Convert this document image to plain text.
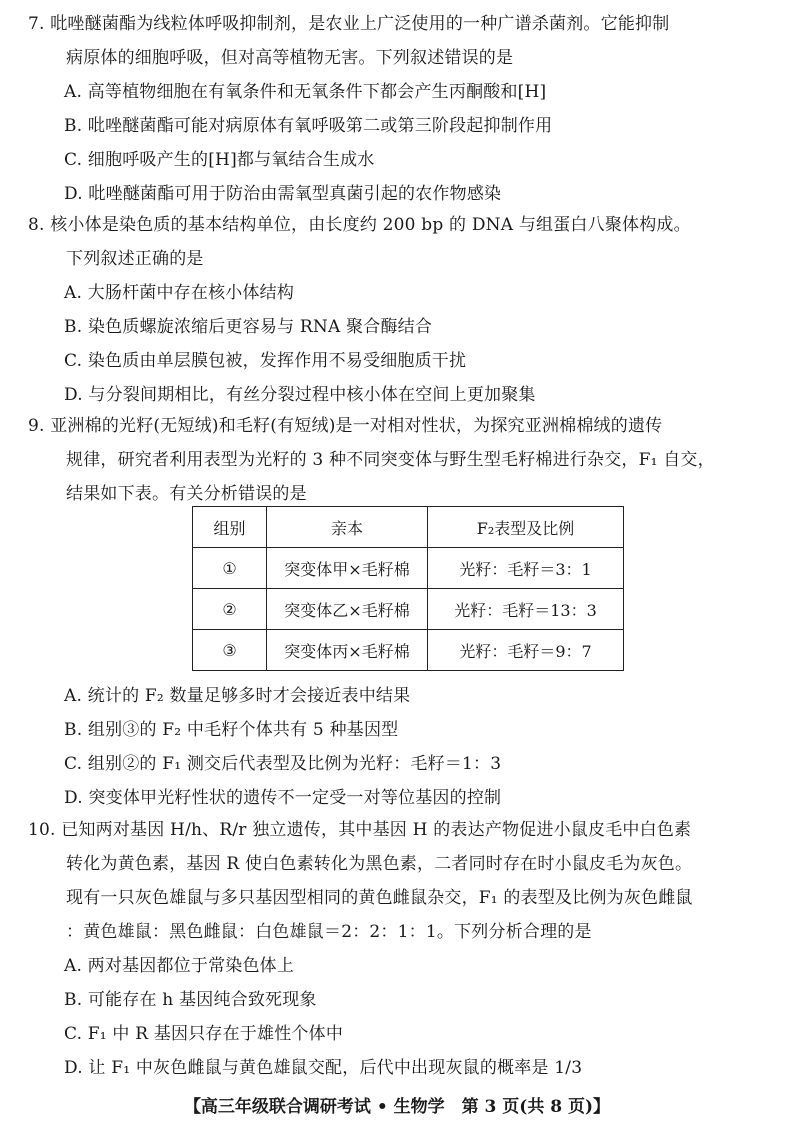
7. 吡唑醚菌酯为线粒体呼吸抑制剂，是农业上广泛使用的一种广谱杀菌剂。它能抑制
病原体的细胞呼吸，但对高等植物无害。下列叙述错误的是
A. 高等植物细胞在有氧条件和无氧条件下都会产生丙酮酸和[H]
B. 吡唑醚菌酯可能对病原体有氧呼吸第二或第三阶段起抑制作用
C. 细胞呼吸产生的[H]都与氧结合生成水
D. 吡唑醚菌酯可用于防治由需氧型真菌引起的农作物感染
8. 核小体是染色质的基本结构单位，由长度约 200 bp 的 DNA 与组蛋白八聚体构成。
下列叙述正确的是
A. 大肠杆菌中存在核小体结构
B. 染色质螺旋浓缩后更容易与 RNA 聚合酶结合
C. 染色质由单层膜包被，发挥作用不易受细胞质干扰
D. 与分裂间期相比，有丝分裂过程中核小体在空间上更加聚集
9. 亚洲棉的光籽(无短绒)和毛籽(有短绒)是一对相对性状，为探究亚洲棉棉绒的遗传
规律，研究者利用表型为光籽的 3 种不同突变体与野生型毛籽棉进行杂交，F₁ 自交，
结果如下表。有关分析错误的是
组别	亲本	F₂表型及比例
①	突变体甲×毛籽棉	光籽：毛籽＝3：1
②	突变体乙×毛籽棉	光籽：毛籽＝13：3
③	突变体丙×毛籽棉	光籽：毛籽＝9：7
A. 统计的 F₂ 数量足够多时才会接近表中结果
B. 组别③的 F₂ 中毛籽个体共有 5 种基因型
C. 组别②的 F₁ 测交后代表型及比例为光籽：毛籽＝1：3
D. 突变体甲光籽性状的遗传不一定受一对等位基因的控制
10. 已知两对基因 H/h、R/r 独立遗传，其中基因 H 的表达产物促进小鼠皮毛中白色素
转化为黄色素，基因 R 使白色素转化为黑色素，二者同时存在时小鼠皮毛为灰色。
现有一只灰色雄鼠与多只基因型相同的黄色雌鼠杂交，F₁ 的表型及比例为灰色雌鼠
：黄色雄鼠：黑色雌鼠：白色雄鼠＝2：2：1：1。下列分析合理的是
A. 两对基因都位于常染色体上
B. 可能存在 h 基因纯合致死现象
C. F₁ 中 R 基因只存在于雄性个体中
D. 让 F₁ 中灰色雌鼠与黄色雄鼠交配，后代中出现灰鼠的概率是 1/3
【高三年级联合调研考试 • 生物学　第 3 页(共 8 页)】
